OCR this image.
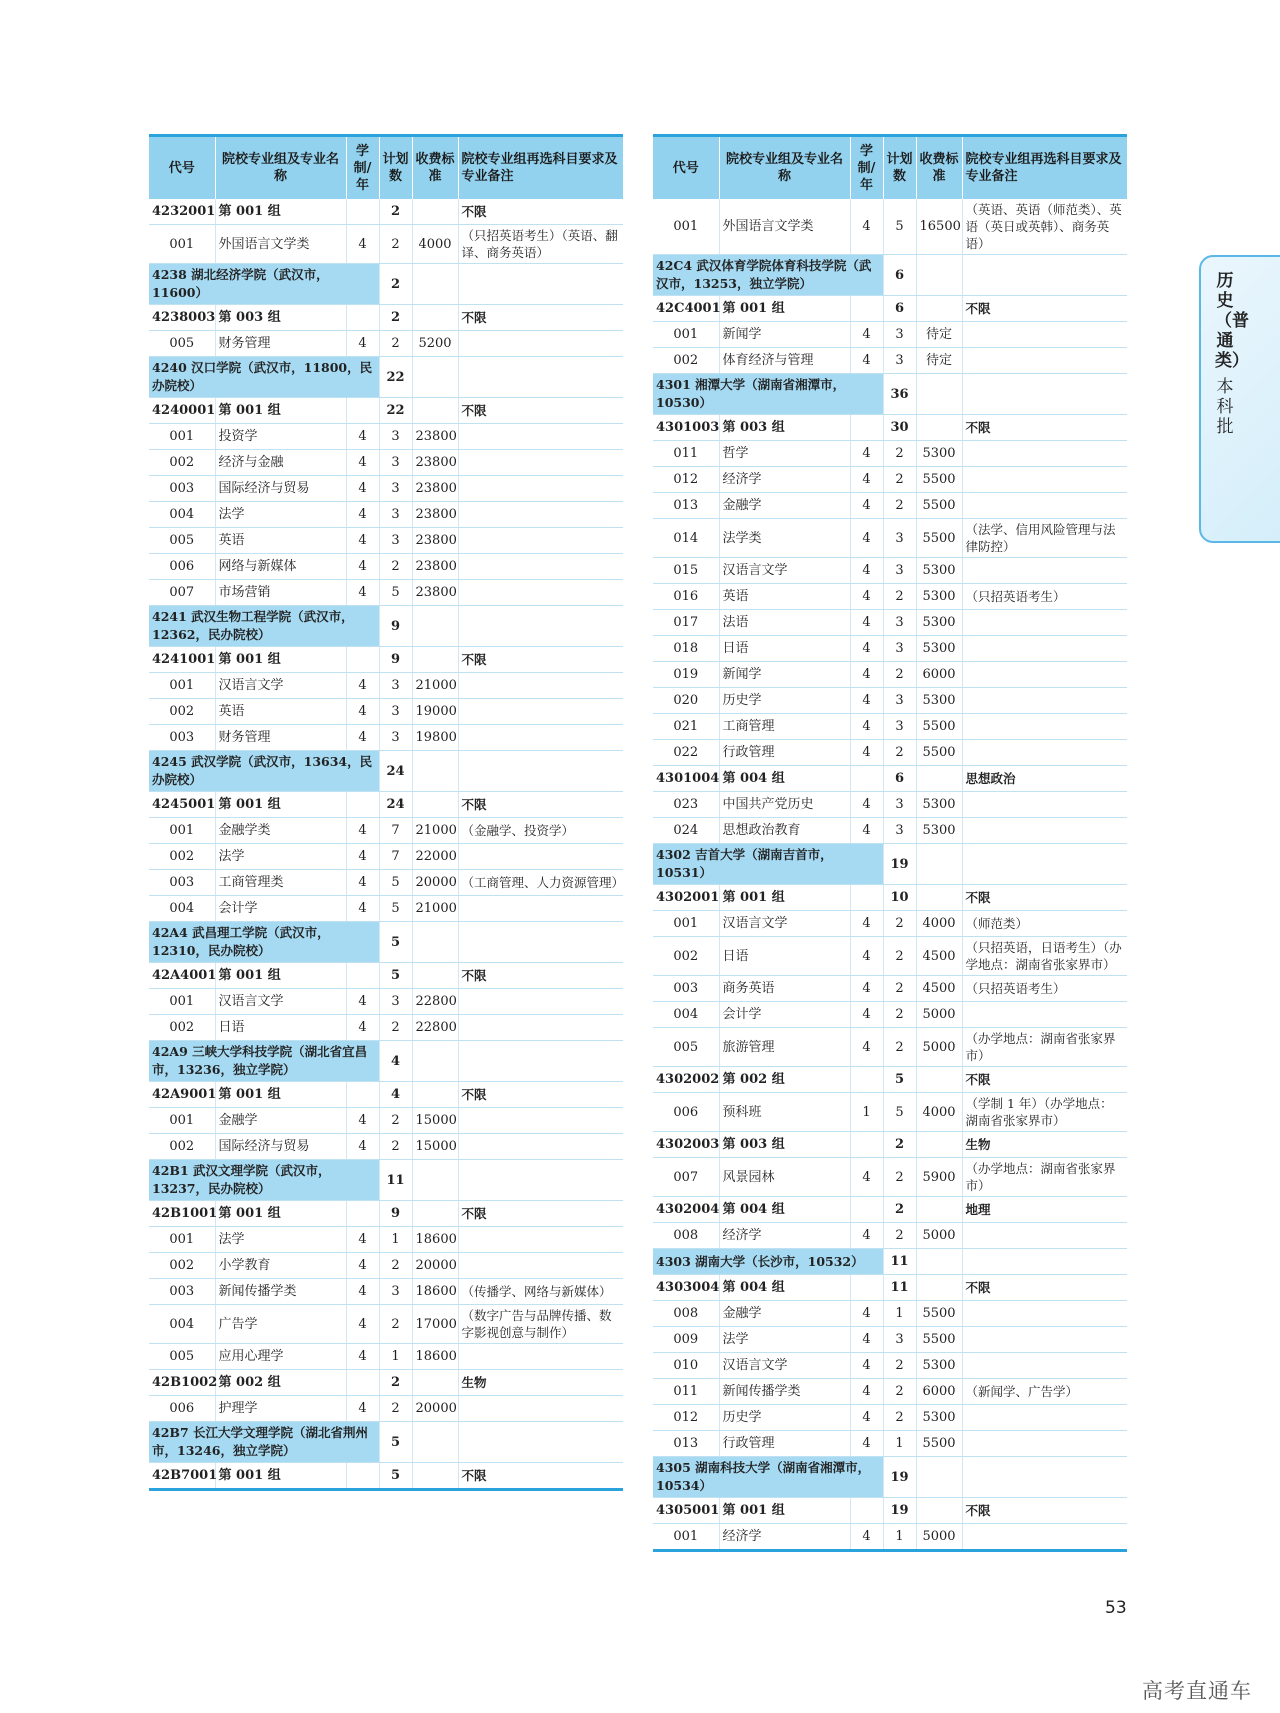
代号	院校专业组及专业名称	学制/年	计划数	收费标准	院校专业组再选科目要求及专业备注
4232001	第 001 组		2		不限
001	外国语言文学类	4	2	4000	（只招英语考生）（英语、翻译、商务英语）
4238 湖北经济学院（武汉市，11600）			2		
4238003	第 003 组		2		不限
005	财务管理	4	2	5200	
4240 汉口学院（武汉市，11800，民办院校）			22		
4240001	第 001 组		22		不限
001	投资学	4	3	23800	
002	经济与金融	4	3	23800	
003	国际经济与贸易	4	3	23800	
004	法学	4	3	23800	
005	英语	4	3	23800	
006	网络与新媒体	4	2	23800	
007	市场营销	4	5	23800	
4241 武汉生物工程学院（武汉市，12362，民办院校）			9		
4241001	第 001 组		9		不限
001	汉语言文学	4	3	21000	
002	英语	4	3	19000	
003	财务管理	4	3	19800	
4245 武汉学院（武汉市，13634，民办院校）			24		
4245001	第 001 组		24		不限
001	金融学类	4	7	21000	（金融学、投资学）
002	法学	4	7	22000	
003	工商管理类	4	5	20000	（工商管理、人力资源管理）
004	会计学	4	5	21000	
42A4 武昌理工学院（武汉市，12310，民办院校）			5		
42A4001	第 001 组		5		不限
001	汉语言文学	4	3	22800	
002	日语	4	2	22800	
42A9 三峡大学科技学院（湖北省宜昌市，13236，独立学院）			4		
42A9001	第 001 组		4		不限
001	金融学	4	2	15000	
002	国际经济与贸易	4	2	15000	
42B1 武汉文理学院（武汉市，13237，民办院校）			11		
42B1001	第 001 组		9		不限
001	法学	4	1	18600	
002	小学教育	4	2	20000	
003	新闻传播学类	4	3	18600	（传播学、网络与新媒体）
004	广告学	4	2	17000	（数字广告与品牌传播、数字影视创意与制作）
005	应用心理学	4	1	18600	
42B1002	第 002 组		2		生物
006	护理学	4	2	20000	
42B7 长江大学文理学院（湖北省荆州市，13246，独立学院）			5		
42B7001	第 001 组		5		不限
代号	院校专业组及专业名称	学制/年	计划数	收费标准	院校专业组再选科目要求及专业备注
001	外国语言文学类	4	5	16500	（英语、英语（师范类）、英语（英日或英韩）、商务英语）
42C4 武汉体育学院体育科技学院（武汉市，13253，独立学院）			6		
42C4001	第 001 组		6		不限
001	新闻学	4	3	待定	
002	体育经济与管理	4	3	待定	
4301 湘潭大学（湖南省湘潭市，10530）			36		
4301003	第 003 组		30		不限
011	哲学	4	2	5300	
012	经济学	4	2	5500	
013	金融学	4	2	5500	
014	法学类	4	3	5500	（法学、信用风险管理与法律防控）
015	汉语言文学	4	3	5300	
016	英语	4	2	5300	（只招英语考生）
017	法语	4	3	5300	
018	日语	4	3	5300	
019	新闻学	4	2	6000	
020	历史学	4	3	5300	
021	工商管理	4	3	5500	
022	行政管理	4	2	5500	
4301004	第 004 组		6		思想政治
023	中国共产党历史	4	3	5300	
024	思想政治教育	4	3	5300	
4302 吉首大学（湖南吉首市，10531）			19		
4302001	第 001 组		10		不限
001	汉语言文学	4	2	4000	（师范类）
002	日语	4	2	4500	（只招英语，日语考生）（办学地点：湖南省张家界市）
003	商务英语	4	2	4500	（只招英语考生）
004	会计学	4	2	5000	
005	旅游管理	4	2	5000	（办学地点：湖南省张家界市）
4302002	第 002 组		5		不限
006	预科班	1	5	4000	（学制 1 年）（办学地点：湖南省张家界市）
4302003	第 003 组		2		生物
007	风景园林	4	2	5900	（办学地点：湖南省张家界市）
4302004	第 004 组		2		地理
008	经济学	4	2	5000	
4303 湖南大学（长沙市，10532）			11		
4303004	第 004 组		11		不限
008	金融学	4	1	5500	
009	法学	4	3	5500	
010	汉语言文学	4	2	5300	
011	新闻传播学类	4	2	6000	（新闻学、广告学）
012	历史学	4	2	5300	
013	行政管理	4	1	5500	
4305 湖南科技大学（湖南省湘潭市，10534）			19		
4305001	第 001 组		19		不限
001	经济学	4	1	5000	
历史（普通类）
本科批
53
高考直通车
